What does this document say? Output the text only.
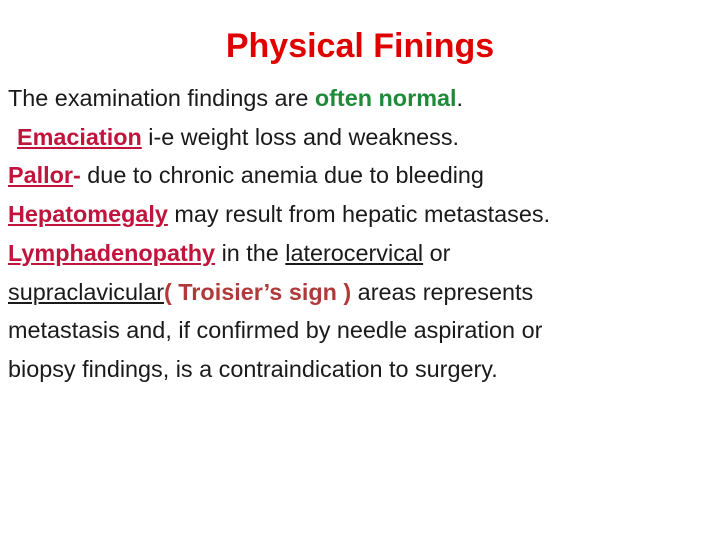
Physical Finings
The examination findings are often normal.
Emaciation i-e weight loss and weakness.
Pallor- due to chronic anemia due to bleeding
Hepatomegaly may result from hepatic metastases.
Lymphadenopathy in the laterocervical or
supraclavicular( Troisier’s sign ) areas represents
metastasis and, if confirmed by needle aspiration or
biopsy findings, is a contraindication to surgery.
